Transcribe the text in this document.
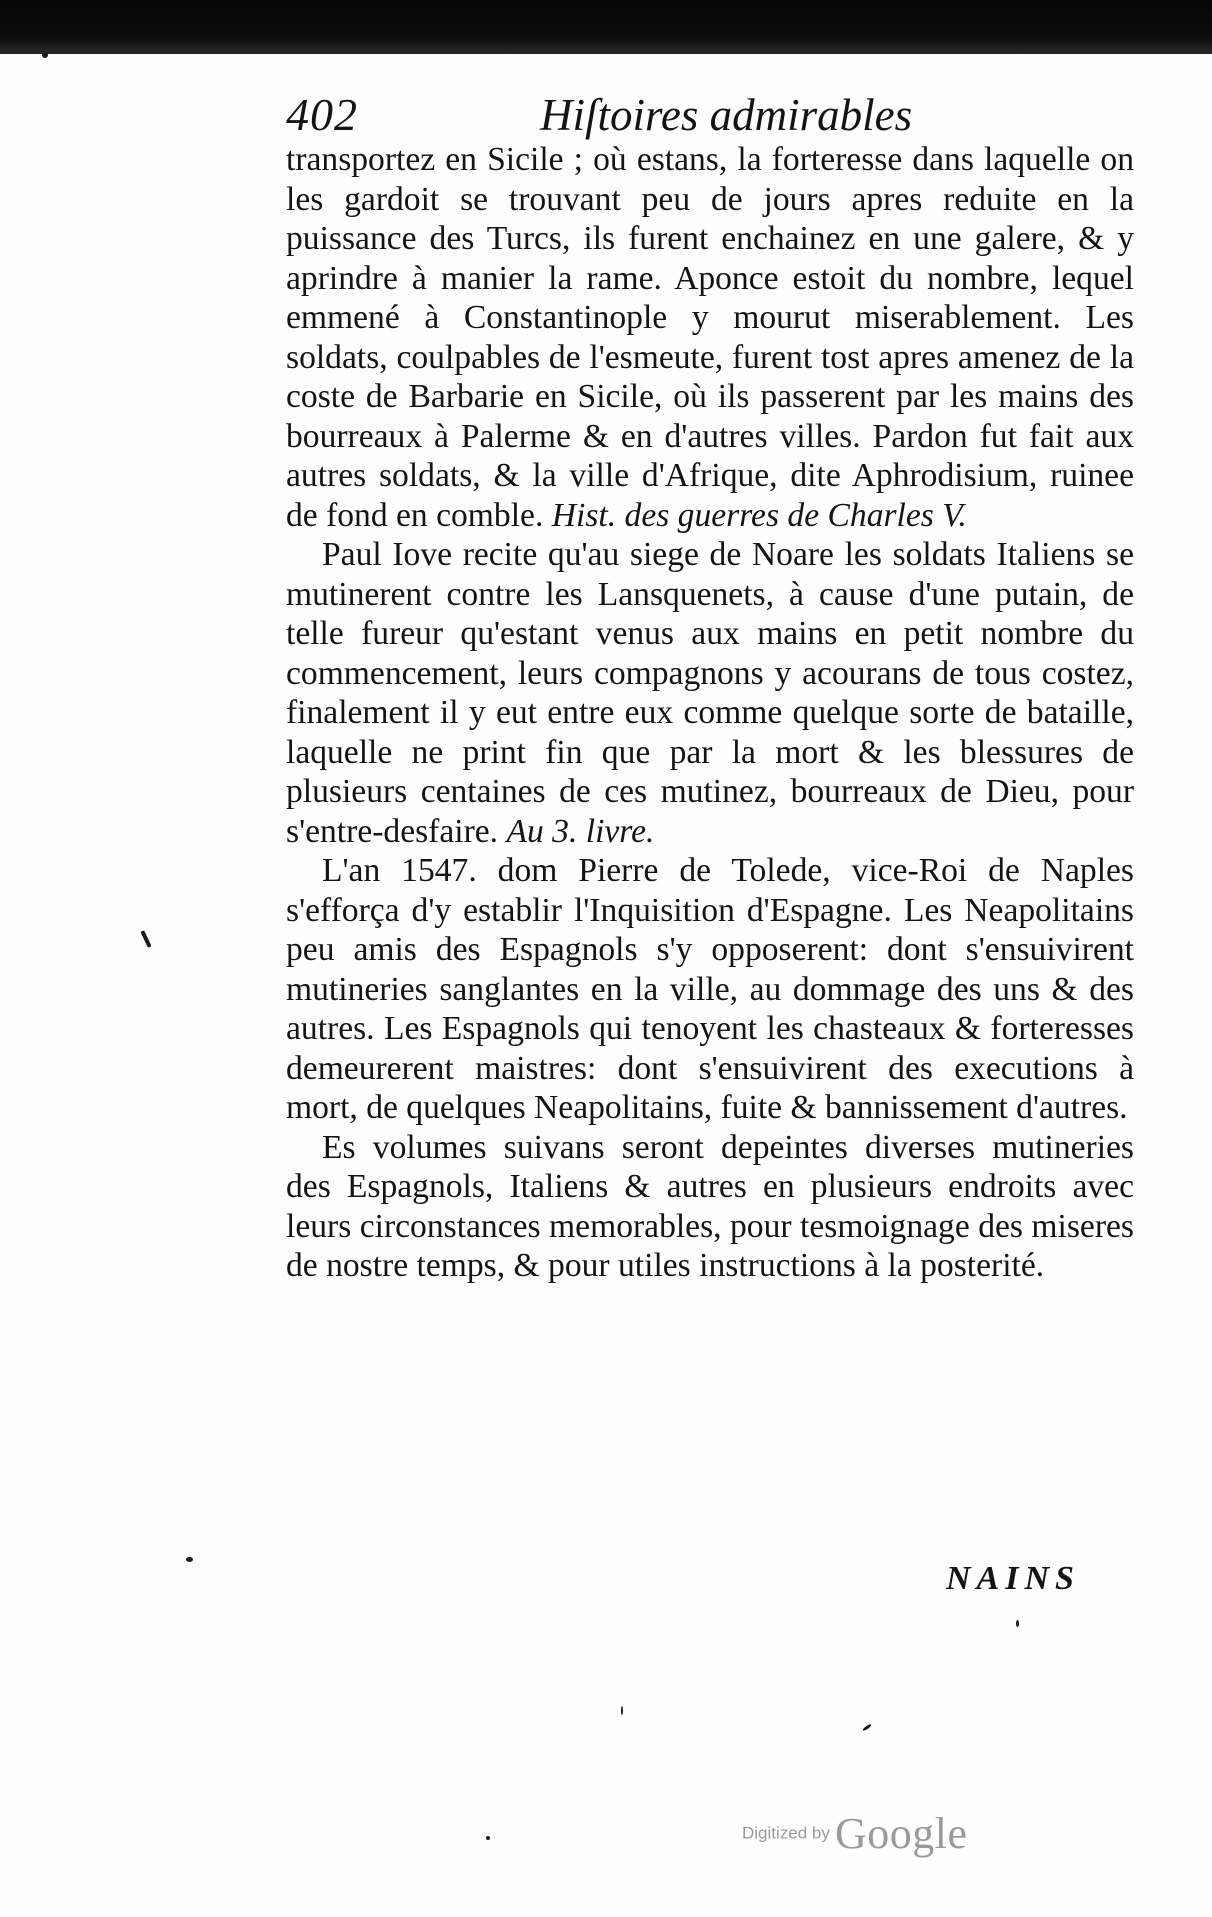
402	Hiſtoires admirables

transportez en Sicile ; où estans, la forteresse dans laquelle on les gardoit se trouvant peu de jours apres reduite en la puissance des Turcs, ils furent enchainez en une galere, & y aprindre à manier la rame. Aponce estoit du nombre, lequel emmené à Constantinople y mourut miserablement. Les soldats, coulpables de l'esmeute, furent tost apres amenez de la coste de Barbarie en Sicile, où ils passerent par les mains des bourreaux à Palerme & en d'autres villes. Pardon fut fait aux autres soldats, & la ville d'Afrique, dite Aphrodisium, ruinee de fond en comble. Hist. des guerres de Charles V.

Paul Iove recite qu'au siege de Noare les soldats Italiens se mutinerent contre les Lansquenets, à cause d'une putain, de telle fureur qu'estant venus aux mains en petit nombre du commencement, leurs compagnons y acourans de tous costez, finalement il y eut entre eux comme quelque sorte de bataille, laquelle ne print fin que par la mort & les blessures de plusieurs centaines de ces mutinez, bourreaux de Dieu, pour s'entre-desfaire. Au 3. livre.

L'an 1547. dom Pierre de Tolede, vice-Roi de Naples s'efforça d'y establir l'Inquisition d'Espagne. Les Neapolitains peu amis des Espagnols s'y opposerent: dont s'ensuivirent mutineries sanglantes en la ville, au dommage des uns & des autres. Les Espagnols qui tenoyent les chasteaux & forteresses demeurerent maistres: dont s'ensuivirent des executions à mort, de quelques Neapolitains, fuite & bannissement d'autres.

Es volumes suivans seront depeintes diverses mutineries des Espagnols, Italiens & autres en plusieurs endroits avec leurs circonstances memorables, pour tesmoignage des miseres de nostre temps, & pour utiles instructions à la posterité.

NAINS
Digitized by Google
